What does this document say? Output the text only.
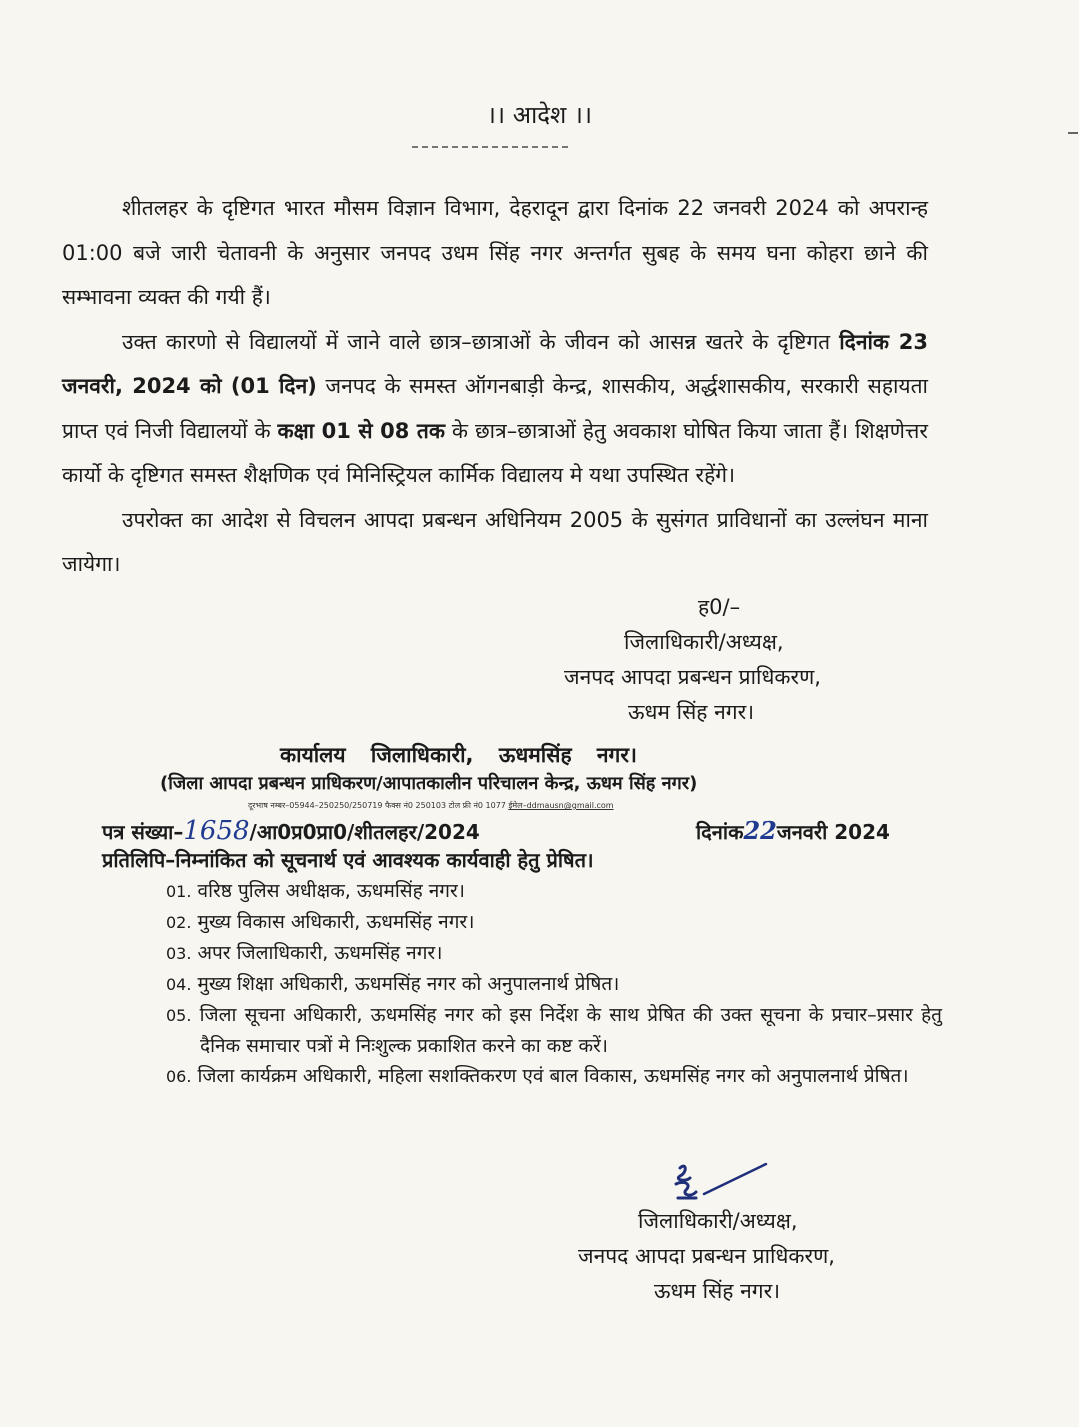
।। आदेश ।।

शीतलहर के दृष्टिगत भारत मौसम विज्ञान विभाग, देहरादून द्वारा दिनांक 22 जनवरी 2024 को अपरान्ह 01:00 बजे जारी चेतावनी के अनुसार जनपद उधम सिंह नगर अन्तर्गत सुबह के समय घना कोहरा छाने की सम्भावना व्यक्त की गयी हैं।

उक्त कारणो से विद्यालयों में जाने वाले छात्र–छात्राओं के जीवन को आसन्न खतरे के दृष्टिगत दिनांक 23 जनवरी, 2024 को (01 दिन) जनपद के समस्त ऑगनबाड़ी केन्द्र, शासकीय, अर्द्धशासकीय, सरकारी सहायता प्राप्त एवं निजी विद्यालयों के कक्षा 01 से 08 तक के छात्र–छात्राओं हेतु अवकाश घोषित किया जाता हैं। शिक्षणेत्तर कार्यो के दृष्टिगत समस्त शैक्षणिक एवं मिनिस्ट्रियल कार्मिक विद्यालय मे यथा उपस्थित रहेंगे।

उपरोक्त का आदेश से विचलन आपदा प्रबन्धन अधिनियम 2005 के सुसंगत प्राविधानों का उल्लंघन माना जायेगा।

ह0/–
जिलाधिकारी/अध्यक्ष,
जनपद आपदा प्रबन्धन प्राधिकरण,
ऊधम सिंह नगर।
कार्यालय जिलाधिकारी, ऊधमसिंह नगर।
(जिला आपदा प्रबन्धन प्राधिकरण/आपातकालीन परिचालन केन्द्र, ऊधम सिंह नगर)
दूरभाष नम्बर–05944–250250/250719 फैक्स नं0 250103 टोल फ्री नं0 1077 ईमेल–ddmausn@gmail.com
पत्र संख्या–1658/आ0प्र0प्रा0/शीतलहर/2024	दिनांक22जनवरी 2024
प्रतिलिपि–निम्नांकित को सूचनार्थ एवं आवश्यक कार्यवाही हेतु प्रेषित।
01. वरिष्ठ पुलिस अधीक्षक, ऊधमसिंह नगर।
02. मुख्य विकास अधिकारी, ऊधमसिंह नगर।
03. अपर जिलाधिकारी, ऊधमसिंह नगर।
04. मुख्य शिक्षा अधिकारी, ऊधमसिंह नगर को अनुपालनार्थ प्रेषित।
05. जिला सूचना अधिकारी, ऊधमसिंह नगर को इस निर्देश के साथ प्रेषित की उक्त सूचना के प्रचार–प्रसार हेतु दैनिक समाचार पत्रों मे निःशुल्क प्रकाशित करने का कष्ट करें।
06. जिला कार्यक्रम अधिकारी, महिला सशक्तिकरण एवं बाल विकास, ऊधमसिंह नगर को अनुपालनार्थ प्रेषित।
जिलाधिकारी/अध्यक्ष,
जनपद आपदा प्रबन्धन प्राधिकरण,
ऊधम सिंह नगर।
